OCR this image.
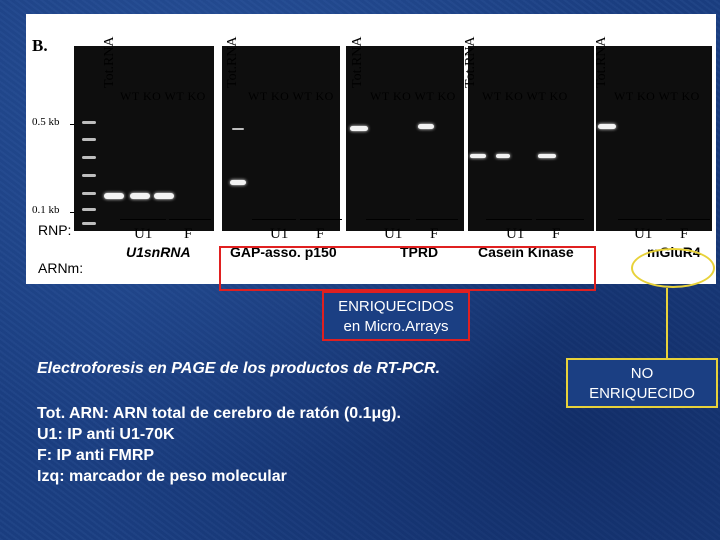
B.
0.5 kb
0.1 kb
Tot.RNA	Tot.RNA	Tot.RNA	Tot.RNA	Tot.RNA
WT KO WT KO	WT KO WT KO	WT KO WT KO WT KO WT KO	WT KO WT KO
RNP:	U1 F	U1 F	U1 F	U1 F	U1 F
ARNm:
U1snRNA	GAP-asso. p150	TPRD	Casein Kinase	mGluR4
ENRIQUECIDOS
en Micro.Arrays
NO
ENRIQUECIDO
Electroforesis en PAGE de los productos de RT-PCR.
Tot. ARN: ARN total de cerebro de ratón (0.1μg).
U1: IP anti U1-70K
F: IP anti FMRP
Izq: marcador de peso molecular
